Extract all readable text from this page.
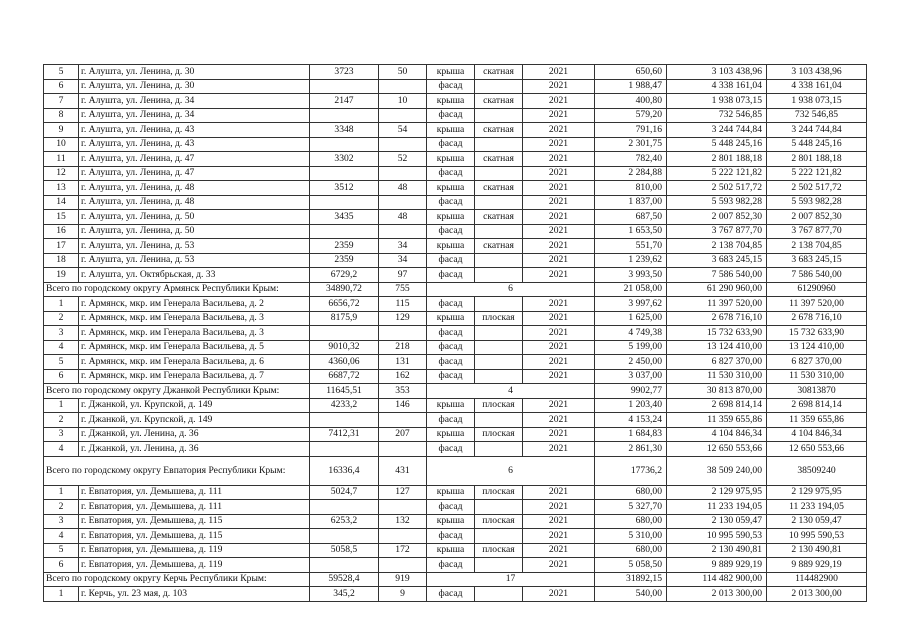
5	г. Алушта, ул. Ленина, д. 30	3723	50	крыша	скатная	2021	650,60	3 103 438,96	3 103 438,96
6	г. Алушта, ул. Ленина, д. 30			фасад		2021	1 988,47	4 338 161,04	4 338 161,04
7	г. Алушта, ул. Ленина, д. 34	2147	10	крыша	скатная	2021	400,80	1 938 073,15	1 938 073,15
8	г. Алушта, ул. Ленина, д. 34			фасад		2021	579,20	732 546,85	732 546,85
9	г. Алушта, ул. Ленина, д. 43	3348	54	крыша	скатная	2021	791,16	3 244 744,84	3 244 744,84
10	г. Алушта, ул. Ленина, д. 43			фасад		2021	2 301,75	5 448 245,16	5 448 245,16
11	г. Алушта, ул. Ленина, д. 47	3302	52	крыша	скатная	2021	782,40	2 801 188,18	2 801 188,18
12	г. Алушта, ул. Ленина, д. 47			фасад		2021	2 284,88	5 222 121,82	5 222 121,82
13	г. Алушта, ул. Ленина, д. 48	3512	48	крыша	скатная	2021	810,00	2 502 517,72	2 502 517,72
14	г. Алушта, ул. Ленина, д. 48			фасад		2021	1 837,00	5 593 982,28	5 593 982,28
15	г. Алушта, ул. Ленина, д. 50	3435	48	крыша	скатная	2021	687,50	2 007 852,30	2 007 852,30
16	г. Алушта, ул. Ленина, д. 50			фасад		2021	1 653,50	3 767 877,70	3 767 877,70
17	г. Алушта, ул. Ленина, д. 53	2359	34	крыша	скатная	2021	551,70	2 138 704,85	2 138 704,85
18	г. Алушта, ул. Ленина, д. 53	2359	34	фасад		2021	1 239,62	3 683 245,15	3 683 245,15
19	г. Алушта, ул. Октябрьская, д. 33	6729,2	97	фасад		2021	3 993,50	7 586 540,00	7 586 540,00
Всего по городскому округу Армянск Республики Крым:		34890,72	755	6			21 058,00	61 290 960,00	61290960
1	г. Армянск, мкр. им Генерала Васильева, д. 2	6656,72	115	фасад		2021	3 997,62	11 397 520,00	11 397 520,00
2	г. Армянск, мкр. им Генерала Васильева, д. 3	8175,9	129	крыша	плоская	2021	1 625,00	2 678 716,10	2 678 716,10
3	г. Армянск, мкр. им Генерала Васильева, д. 3			фасад		2021	4 749,38	15 732 633,90	15 732 633,90
4	г. Армянск, мкр. им Генерала Васильева, д. 5	9010,32	218	фасад		2021	5 199,00	13 124 410,00	13 124 410,00
5	г. Армянск, мкр. им Генерала Васильева, д. 6	4360,06	131	фасад		2021	2 450,00	6 827 370,00	6 827 370,00
6	г. Армянск, мкр. им Генерала Васильева, д. 7	6687,72	162	фасад		2021	3 037,00	11 530 310,00	11 530 310,00
Всего по городскому округу Джанкой Республики Крым:		11645,51	353	4			9902,77	30 813 870,00	30813870
1	г. Джанкой, ул. Крупской, д. 149	4233,2	146	крыша	плоская	2021	1 203,40	2 698 814,14	2 698 814,14
2	г. Джанкой, ул. Крупской, д. 149			фасад		2021	4 153,24	11 359 655,86	11 359 655,86
3	г. Джанкой, ул. Ленина, д. 36	7412,31	207	крыша	плоская	2021	1 684,83	4 104 846,34	4 104 846,34
4	г. Джанкой, ул. Ленина, д. 36			фасад		2021	2 861,30	12 650 553,66	12 650 553,66
Всего по городскому округу Евпатория Республики Крым:		16336,4	431	6			17736,2	38 509 240,00	38509240
1	г. Евпатория, ул. Демышева, д. 111	5024,7	127	крыша	плоская	2021	680,00	2 129 975,95	2 129 975,95
2	г. Евпатория, ул. Демышева, д. 111			фасад		2021	5 327,70	11 233 194,05	11 233 194,05
3	г. Евпатория, ул. Демышева, д. 115	6253,2	132	крыша	плоская	2021	680,00	2 130 059,47	2 130 059,47
4	г. Евпатория, ул. Демышева, д. 115			фасад		2021	5 310,00	10 995 590,53	10 995 590,53
5	г. Евпатория, ул. Демышева, д. 119	5058,5	172	крыша	плоская	2021	680,00	2 130 490,81	2 130 490,81
6	г. Евпатория, ул. Демышева, д. 119			фасад		2021	5 058,50	9 889 929,19	9 889 929,19
Всего по городскому округу Керчь Республики Крым:		59528,4	919	17			31892,15	114 482 900,00	114482900
1	г. Керчь, ул. 23 мая, д. 103	345,2	9	фасад		2021	540,00	2 013 300,00	2 013 300,00
